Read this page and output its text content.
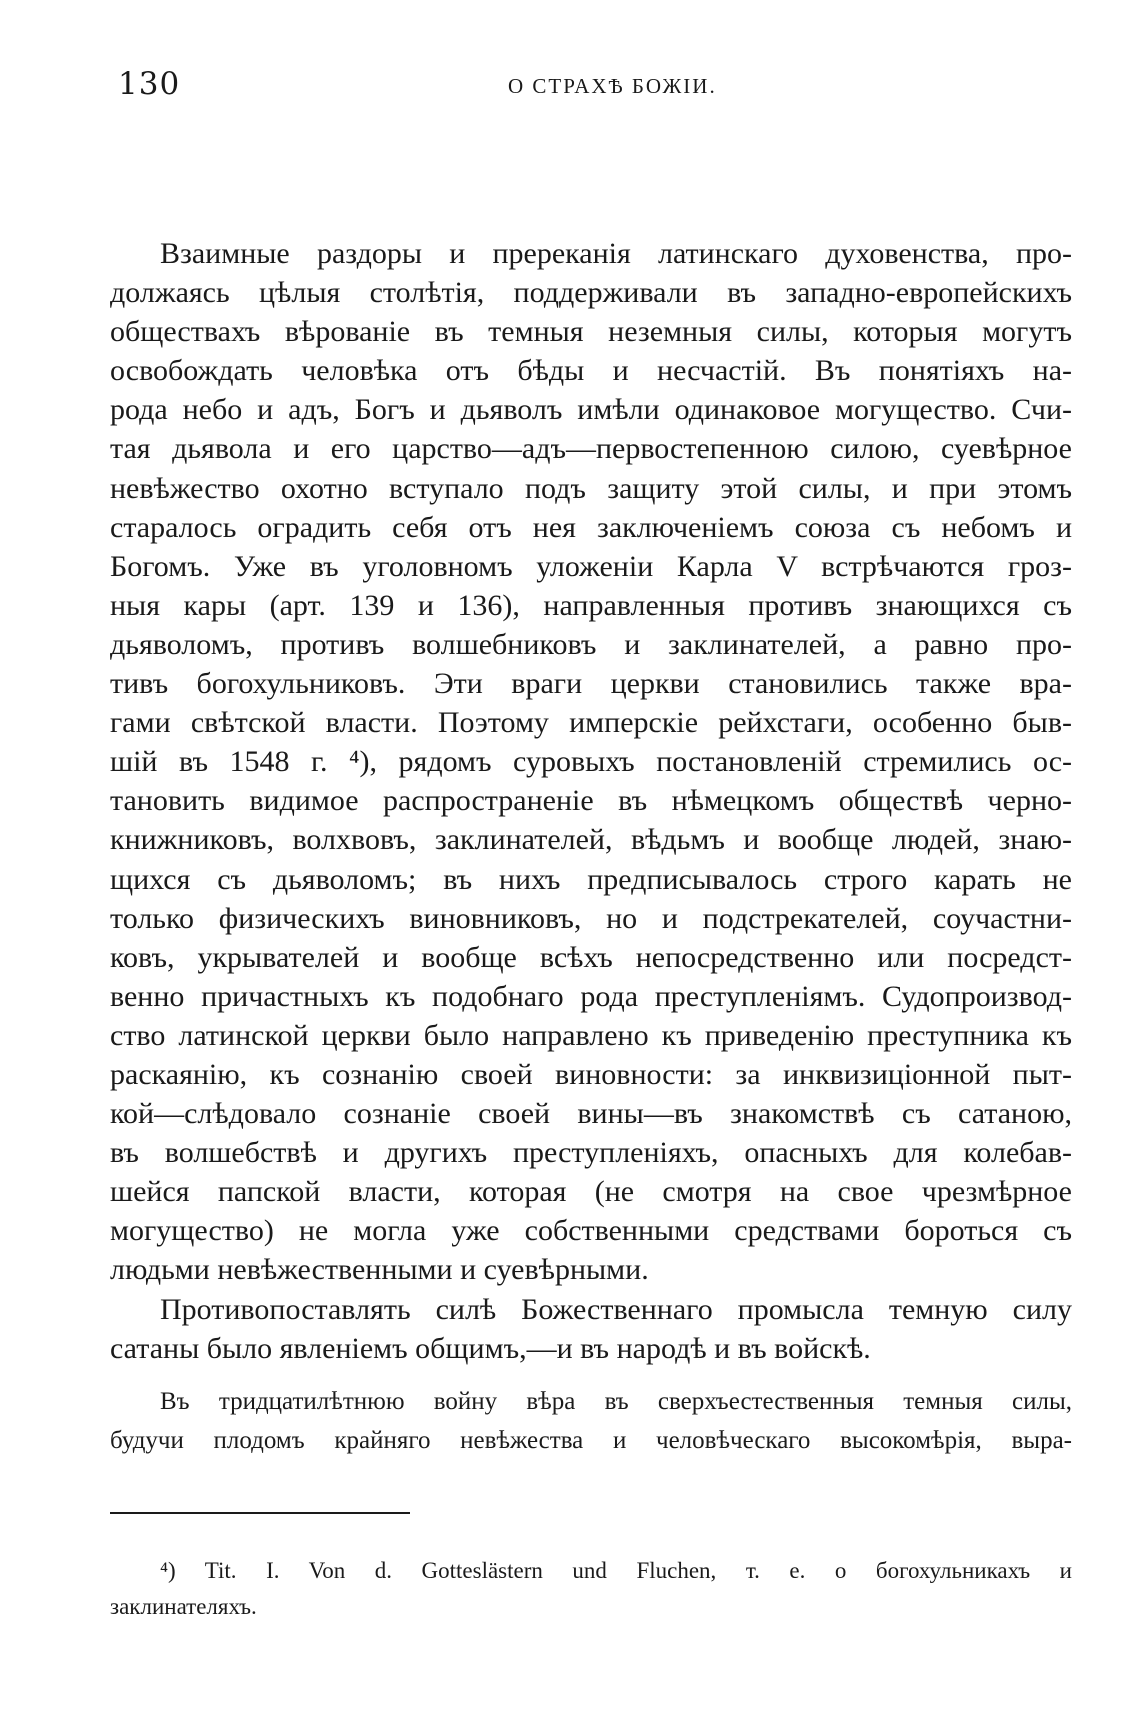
130	О СТРАХѢ БОЖІИ.
Взаимные раздоры и пререканія латинскаго духовенства, про-
должаясь цѣлыя столѣтія, поддерживали въ западно-европейскихъ
обществахъ вѣрованіе въ темныя неземныя силы, которыя могутъ
освобождать человѣка отъ бѣды и несчастій. Въ понятіяхъ на-
рода небо и адъ, Богъ и дьяволъ имѣли одинаковое могущество. Счи-
тая дьявола и его царство—адъ—первостепенною силою, суевѣрное
невѣжество охотно вступало подъ защиту этой силы, и при этомъ
старалось оградить себя отъ нея заключеніемъ союза съ небомъ и
Богомъ. Уже въ уголовномъ уложеніи Карла V встрѣчаются гроз-
ныя кары (арт. 139 и 136), направленныя противъ знающихся съ
дьяволомъ, противъ волшебниковъ и заклинателей, а равно про-
тивъ богохульниковъ. Эти враги церкви становились также вра-
гами свѣтской власти. Поэтому имперскіе рейхстаги, особенно быв-
шій въ 1548 г. ⁴), рядомъ суровыхъ постановленій стремились ос-
тановить видимое распространеніе въ нѣмецкомъ обществѣ черно-
книжниковъ, волхвовъ, заклинателей, вѣдьмъ и вообще людей, знаю-
щихся съ дьяволомъ; въ нихъ предписывалось строго карать не
только физическихъ виновниковъ, но и подстрекателей, соучастни-
ковъ, укрывателей и вообще всѣхъ непосредственно или посредст-
венно причастныхъ къ подобнаго рода преступленіямъ. Судопроизвод-
ство латинской церкви было направлено къ приведенію преступника къ
раскаянію, къ сознанію своей виновности: за инквизиціонной пыт-
кой—слѣдовало сознаніе своей вины—въ знакомствѣ съ сатаною,
въ волшебствѣ и другихъ преступленіяхъ, опасныхъ для колебав-
шейся папской власти, которая (не смотря на свое чрезмѣрное
могущество) не могла уже собственными средствами бороться съ
людьми невѣжественными и суевѣрными.
Противопоставлять силѣ Божественнаго промысла темную силу
сатаны было явленіемъ общимъ,—и въ народѣ и въ войскѣ.
Въ тридцатилѣтнюю войну вѣра въ сверхъестественныя темныя силы,
будучи плодомъ крайняго невѣжества и человѣческаго высокомѣрія, выра-
⁴) Tit. I. Von d. Gotteslästern und Fluchen, т. е. о богохульникахъ и
заклинателяхъ.
